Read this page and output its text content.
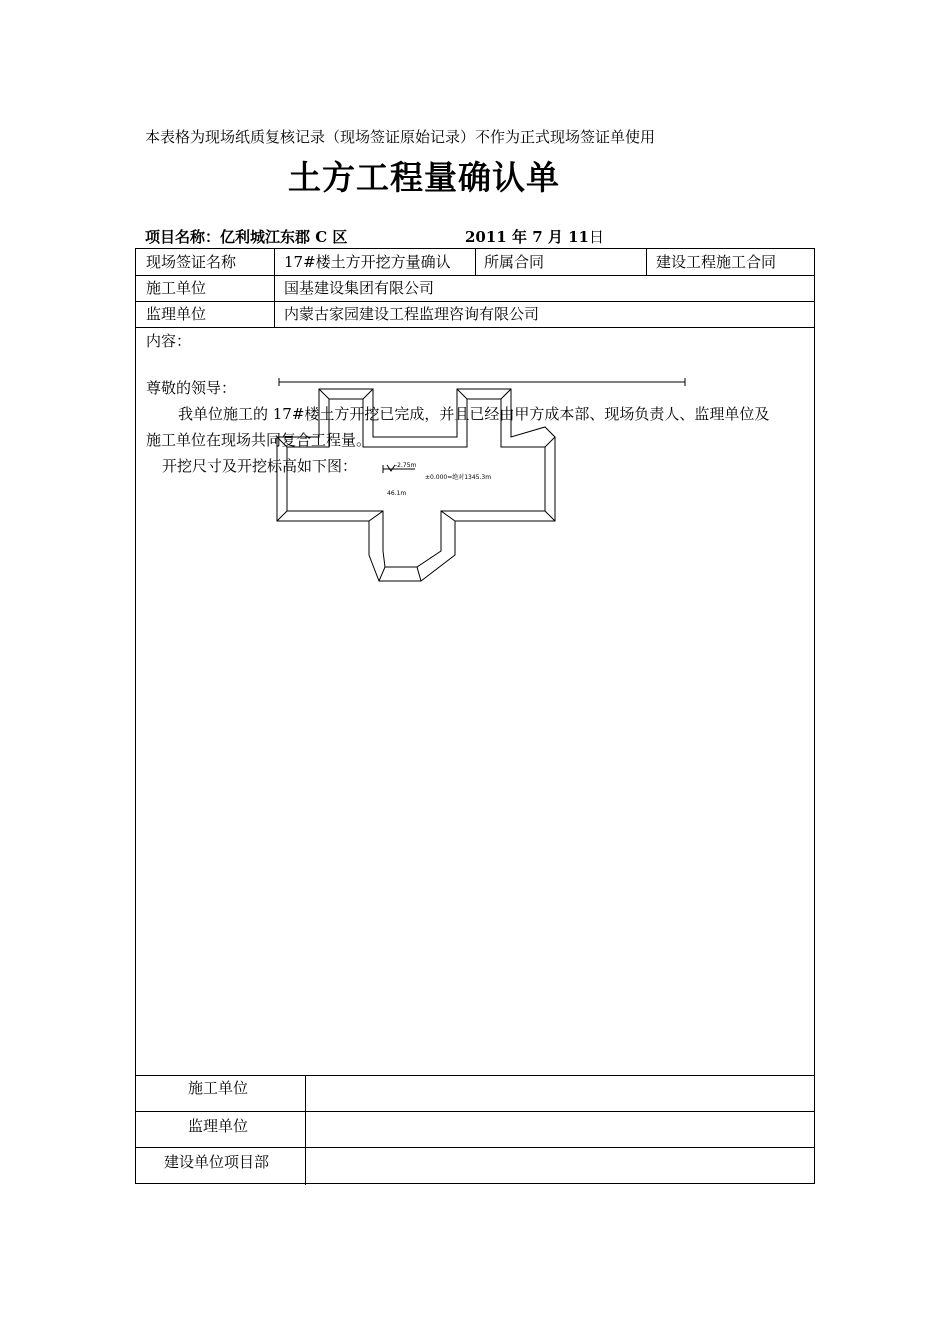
本表格为现场纸质复核记录（现场签证原始记录）不作为正式现场签证单使用
土方工程量确认单
项目名称：亿利城江东郡 C 区	2011 年 7 月 11日
现场签证名称	17#楼土方开挖方量确认 所属合同	建设工程施工合同
施工单位	国基建设集团有限公司
监理单位	内蒙古家园建设工程监理咨询有限公司
内容：
-2.75m
±0.000=绝对1345.3m
46.1m
尊敬的领导：
我单位施工的 17#楼土方开挖已完成，并且已经由甲方成本部、现场负责人、监理单位及
施工单位在现场共同复合工程量。
开挖尺寸及开挖标高如下图：
施工单位
监理单位
建设单位项目部
